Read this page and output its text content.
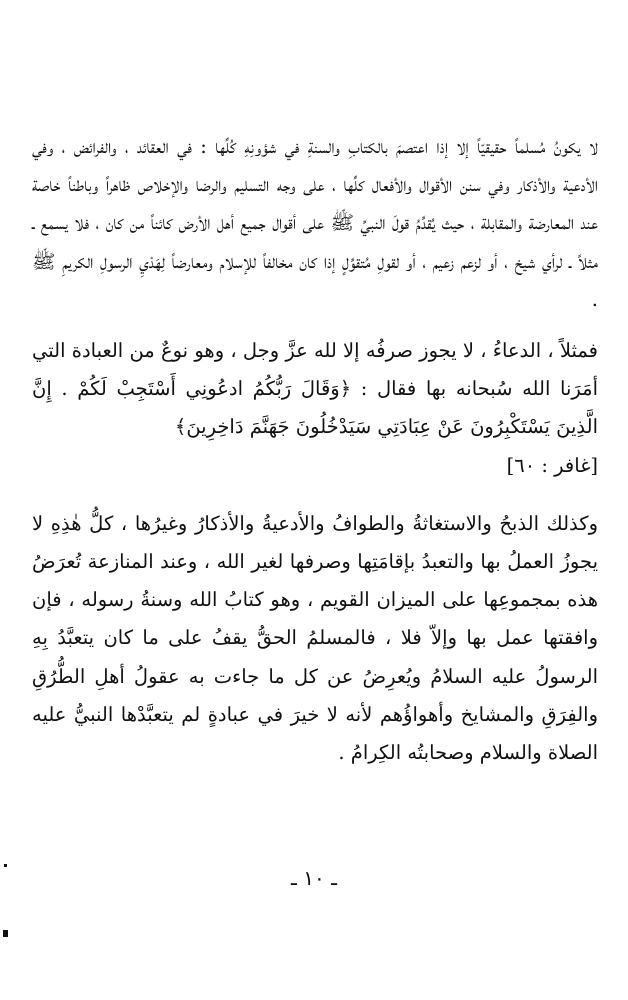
لا يكونُ مُسلماً حقيقيّاً إلا إذا اعتصمَ بالكتابِ والسنةِ في شؤونِهِ كُلِّها : في العقائد ، والفرائض ، وفي الأدعية والأذكار وفي سنن الأقوال والأفعال كلِّها ، على وجه التسليم والرضا والإخلاص ظاهراً وباطناً خاصة عند المعارضة والمقابلة ، حيث يُقدِّمُ قولَ النبيِّ ﷺ على أقوال جميع أهل الأرض كائناً من كان ، فلا يسمع ـ مثلاً ـ لرأي شيخ ، أو لزعم زعيم ، أو لقولِ مُتقوِّلٍ إذا كان مخالفاً للإسلام ومعارضاً لِهَدْيِ الرسولِ الكريمِ ﷺ .

فمثلاً ، الدعاءُ ، لا يجوز صرفُه إلا لله عزَّ وجل ، وهو نوعٌ من العبادة التي أمَرَنا الله سُبحانه بها فقال : ﴿وَقَالَ رَبُّكُمُ ادعُونِي أَسْتَجِبْ لَكُمْ . إِنَّ الَّذِينَ يَسْتَكْبِرُونَ عَنْ عِبَادَتِي سَيَدْخُلُونَ جَهَنَّمَ دَاخِرِينَ﴾

[غافر : ٦٠]

وكذلك الذبحُ والاستغاثةُ والطوافُ والأدعيةُ والأذكارُ وغيرُها ، كلُّ هٰذِهِ لا يجوزُ العملُ بها والتعبدُ بإقامَتِها وصرفها لغير الله ، وعند المنازعة تُعرَضُ هذه بمجموعِها على الميزان القويم ، وهو كتابُ الله وسنةُ رسوله ، فإن وافقتها عمل بها وإلاّ فلا ، فالمسلمُ الحقُّ يقفُ على ما كان يتعبَّدُ بِهِ الرسولُ عليه السلامُ ويُعرِضُ عن كل ما جاءت به عقولُ أهلِ الطُّرُقِ والفِرَقِ والمشايخ وأهواؤُهم لأنه لا خيرَ في عبادةٍ لم يتعبَّدْها النبيُّ عليه الصلاة والسلام وصحابتُه الكِرامُ .

ـ ١٠ ـ
